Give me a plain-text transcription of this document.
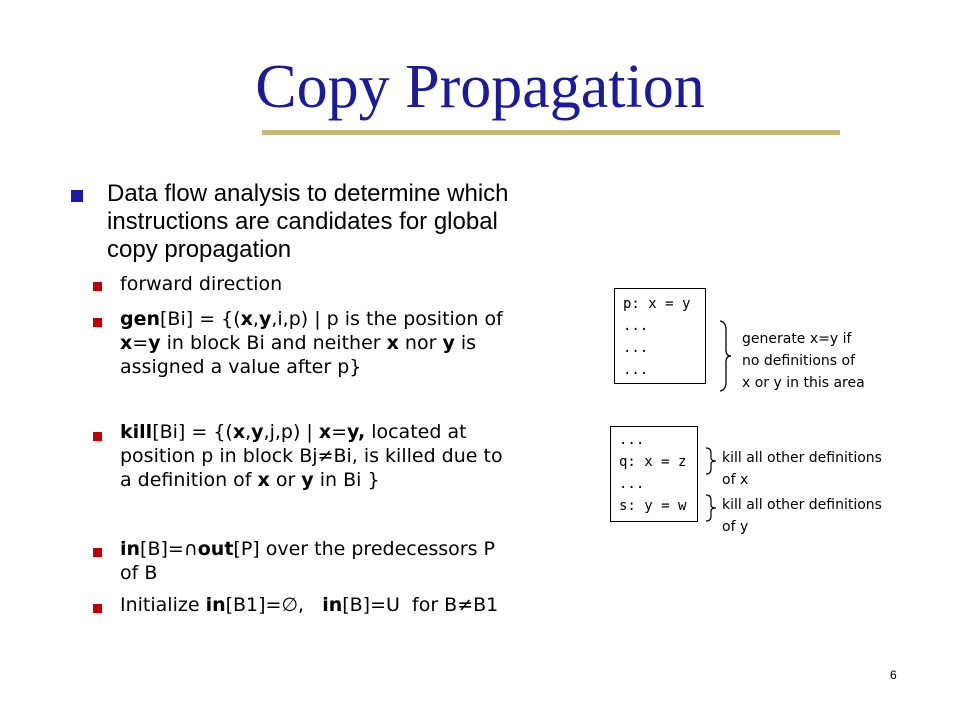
Copy Propagation
Data flow analysis to determine which
instructions are candidates for global
copy propagation
forward direction
gen[Bi] = {(x,y,i,p) | p is the position of
x=y in block Bi and neither x nor y is
assigned a value after p}
kill[Bi] = {(x,y,j,p) | x=y, located at
position p in block Bj≠Bi, is killed due to
a definition of x or y in Bi }
in[B]=∩out[P] over the predecessors P
of B
Initialize in[B1]=∅,   in[B]=U  for B≠B1
p: x = y
...
...
...
generate x=y if
no definitions of
x or y in this area
...
q: x = z
...
s: y = w
kill all other definitions
of x
kill all other definitions
of y
6
